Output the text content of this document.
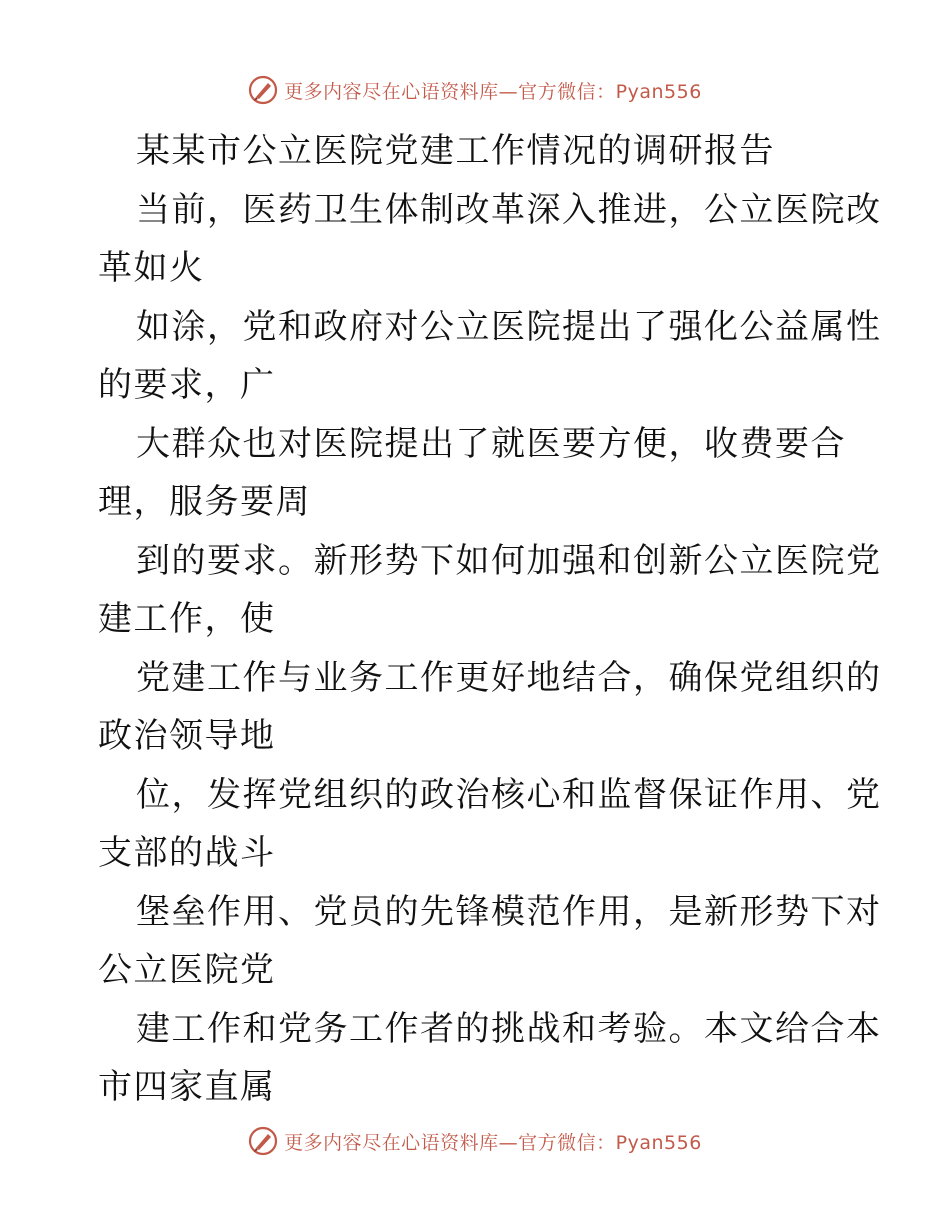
更多内容尽在心语资料库—官方微信：Pyan556
某某市公立医院党建工作情况的调研报告
当前，医药卫生体制改革深入推进，公立医院改
革如火
如涂，党和政府对公立医院提出了强化公益属性
的要求，广
大群众也对医院提出了就医要方便，收费要合
理，服务要周
到的要求。新形势下如何加强和创新公立医院党
建工作，使
党建工作与业务工作更好地结合，确保党组织的
政治领导地
位，发挥党组织的政治核心和监督保证作用、党
支部的战斗
堡垒作用、党员的先锋模范作用，是新形势下对
公立医院党
建工作和党务工作者的挑战和考验。本文给合本
市四家直属
更多内容尽在心语资料库—官方微信：Pyan556
